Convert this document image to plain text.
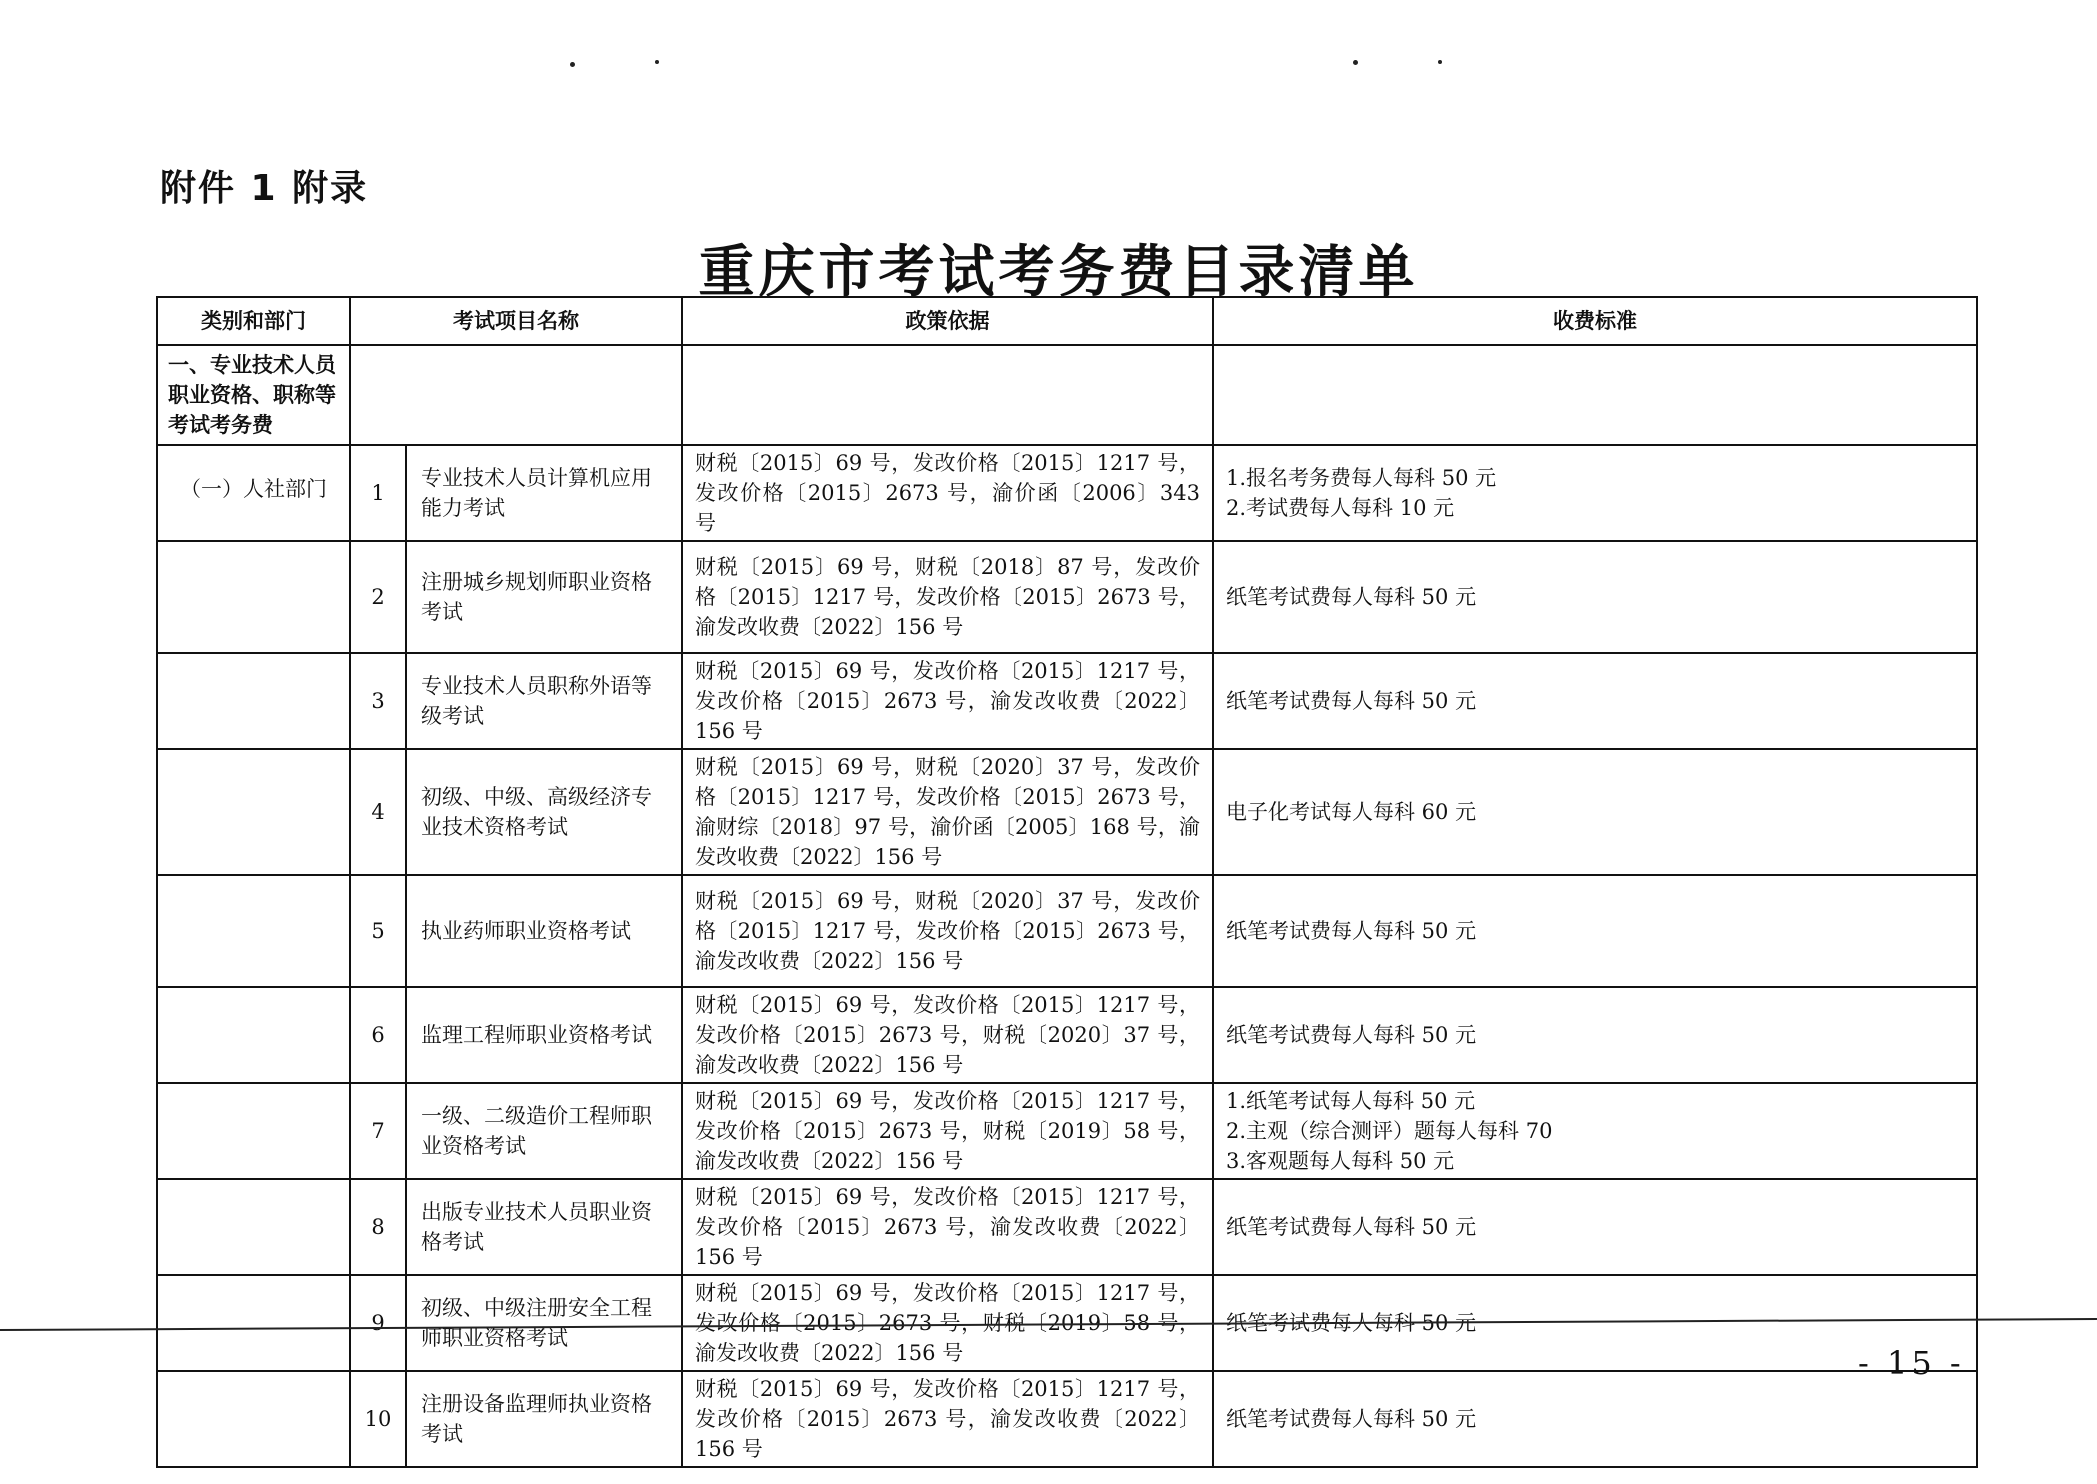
附件 1 附录
重庆市考试考务费目录清单
类别和部门	考试项目名称		政策依据	收费标准
一、专业技术人员职业资格、职称等考试考务费				
（一）人社部门	1	专业技术人员计算机应用能力考试	财税〔2015〕69 号，发改价格〔2015〕1217 号，发改价格〔2015〕2673 号，渝价函〔2006〕343 号	1.报名考务费每人每科 50 元
2.考试费每人每科 10 元

	2	注册城乡规划师职业资格考试	财税〔2015〕69 号，财税〔2018〕87 号，发改价格〔2015〕1217 号，发改价格〔2015〕2673 号，渝发改收费〔2022〕156 号	纸笔考试费每人每科 50 元

	3	专业技术人员职称外语等级考试	财税〔2015〕69 号，发改价格〔2015〕1217 号，发改价格〔2015〕2673 号，渝发改收费〔2022〕156 号	纸笔考试费每人每科 50 元

	4	初级、中级、高级经济专业技术资格考试	财税〔2015〕69 号，财税〔2020〕37 号，发改价格〔2015〕1217 号，发改价格〔2015〕2673 号，渝财综〔2018〕97 号，渝价函〔2005〕168 号，渝发改收费〔2022〕156 号	电子化考试每人每科 60 元

	5	执业药师职业资格考试	财税〔2015〕69 号，财税〔2020〕37 号，发改价格〔2015〕1217 号，发改价格〔2015〕2673 号，渝发改收费〔2022〕156 号	纸笔考试费每人每科 50 元

	6	监理工程师职业资格考试	财税〔2015〕69 号，发改价格〔2015〕1217 号，发改价格〔2015〕2673 号，财税〔2020〕37 号，渝发改收费〔2022〕156 号	纸笔考试费每人每科 50 元

	7	一级、二级造价工程师职业资格考试	财税〔2015〕69 号，发改价格〔2015〕1217 号，发改价格〔2015〕2673 号，财税〔2019〕58 号，渝发改收费〔2022〕156 号	1.纸笔考试每人每科 50 元
2.主观（综合测评）题每人每科 70
3.客观题每人每科 50 元

	8	出版专业技术人员职业资格考试	财税〔2015〕69 号，发改价格〔2015〕1217 号，发改价格〔2015〕2673 号，渝发改收费〔2022〕156 号	纸笔考试费每人每科 50 元

	9	初级、中级注册安全工程师职业资格考试	财税〔2015〕69 号，发改价格〔2015〕1217 号，发改价格〔2015〕2673 号，财税〔2019〕58 号，渝发改收费〔2022〕156 号	纸笔考试费每人每科 50 元

	10	注册设备监理师执业资格考试	财税〔2015〕69 号，发改价格〔2015〕1217 号，发改价格〔2015〕2673 号，渝发改收费〔2022〕156 号	纸笔考试费每人每科 50 元
- 15 -
